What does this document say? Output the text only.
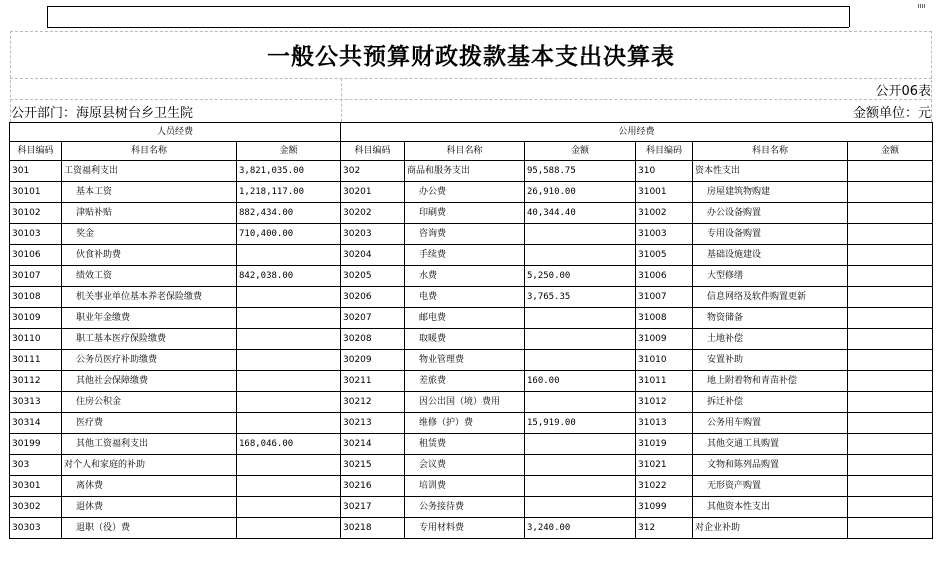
一般公共预算财政拨款基本支出决算表
公开06表
公开部门：海原县树台乡卫生院	金额单位：元
人员经费			公用经费					
科目编码	科目名称	金额	科目编码	科目名称	金额	科目编码	科目名称	金额
301	工资福利支出	3,821,035.00	302	商品和服务支出	95,588.75	310	资本性支出	
30101	基本工资	1,218,117.00	30201	办公费	26,910.00	31001	房屋建筑物购建	
30102	津贴补贴	882,434.00	30202	印刷费	40,344.40	31002	办公设备购置	
30103	奖金	710,400.00	30203	咨询费		31003	专用设备购置	
30106	伙食补助费		30204	手续费		31005	基础设施建设	
30107	绩效工资	842,038.00	30205	水费	5,250.00	31006	大型修缮	
30108	机关事业单位基本养老保险缴费		30206	电费	3,765.35	31007	信息网络及软件购置更新	
30109	职业年金缴费		30207	邮电费		31008	物资储备	
30110	职工基本医疗保险缴费		30208	取暖费		31009	土地补偿	
30111	公务员医疗补助缴费		30209	物业管理费		31010	安置补助	
30112	其他社会保障缴费		30211	差旅费	160.00	31011	地上附着物和青苗补偿	
30313	住房公积金		30212	因公出国（境）费用		31012	拆迁补偿	
30314	医疗费		30213	维修（护）费	15,919.00	31013	公务用车购置	
30199	其他工资福利支出	168,046.00	30214	租赁费		31019	其他交通工具购置	
303	对个人和家庭的补助		30215	会议费		31021	文物和陈列品购置	
30301	离休费		30216	培训费		31022	无形资产购置	
30302	退休费		30217	公务接待费		31099	其他资本性支出	
30303	退职（役）费		30218	专用材料费	3,240.00	312	对企业补助	
